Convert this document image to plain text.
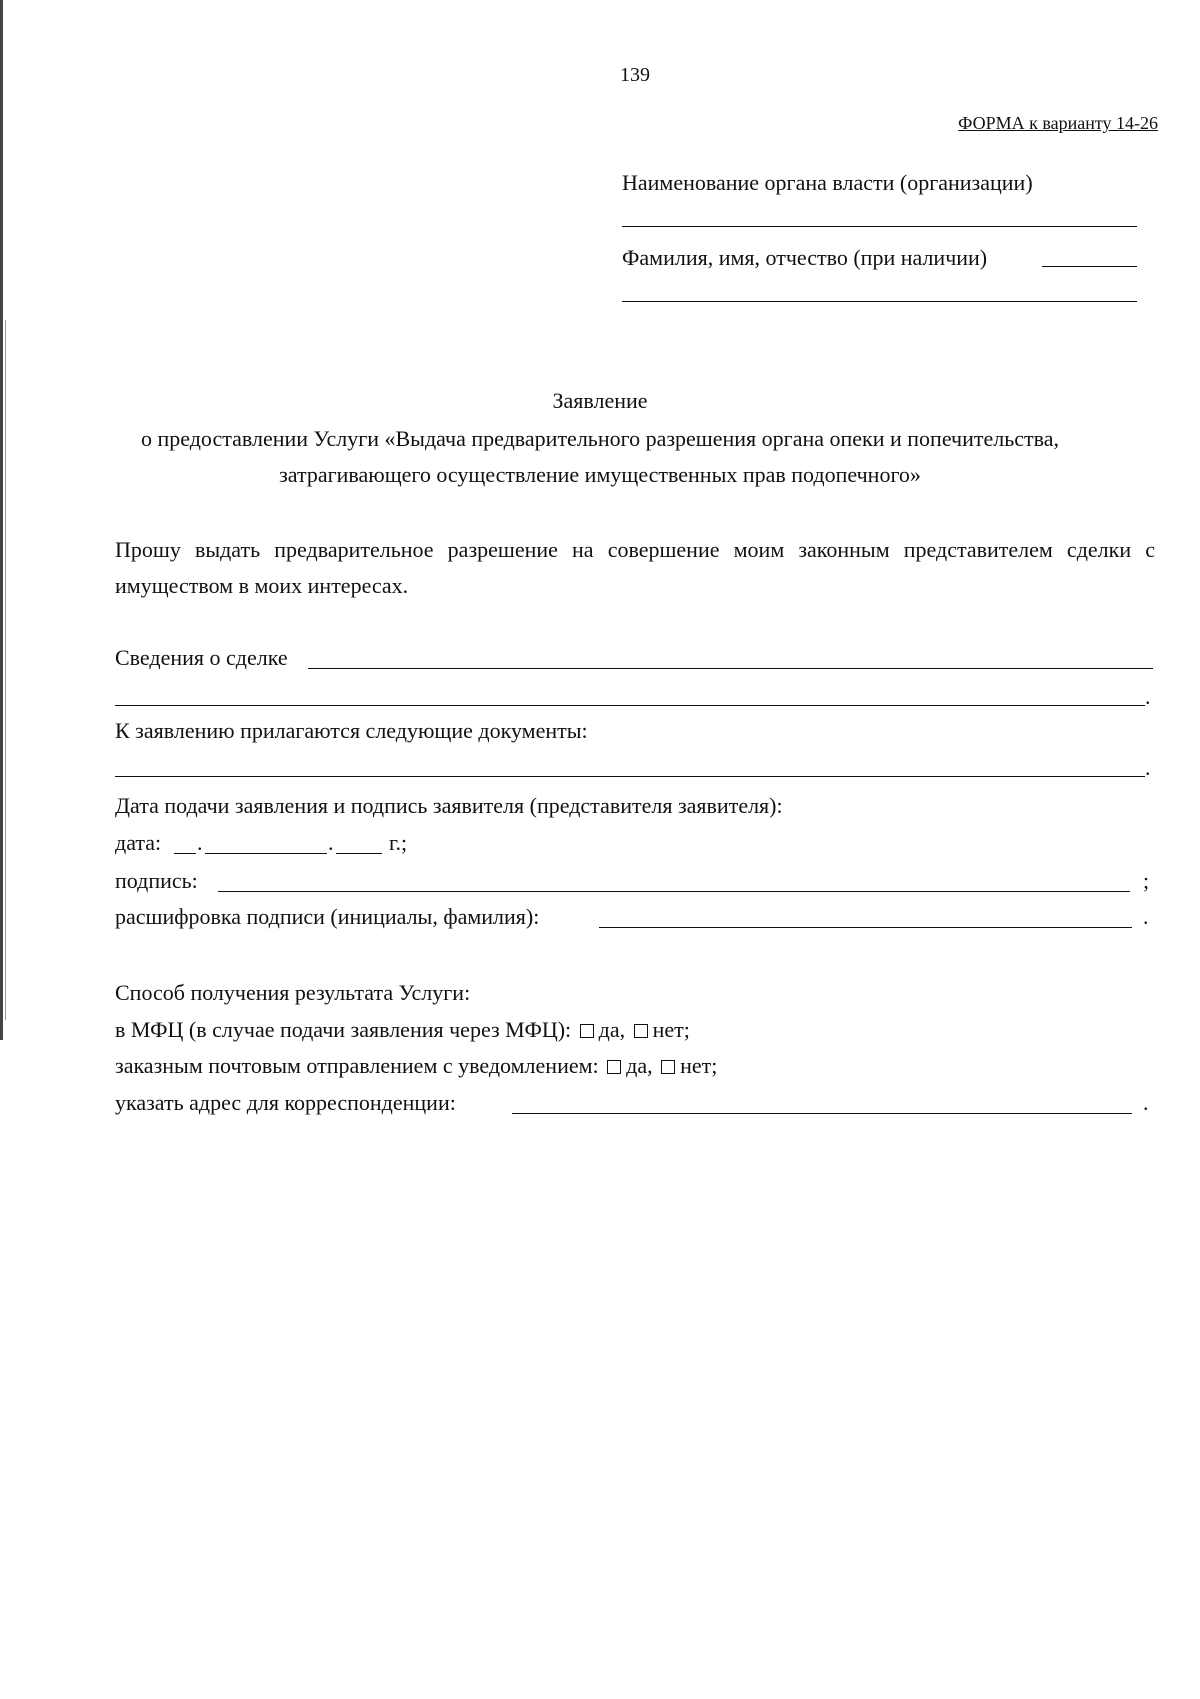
139
ФОРМА к варианту 14-26
Наименование органа власти (организации)
Фамилия, имя, отчество (при наличии)
Заявление
о предоставлении Услуги «Выдача предварительного разрешения органа опеки и попечительства,
затрагивающего осуществление имущественных прав подопечного»
Прошу выдать предварительное разрешение на совершение моим законным представителем сделки с имуществом в моих интересах.
Сведения о сделке
.
К заявлению прилагаются следующие документы:
.
Дата подачи заявления и подпись заявителя (представителя заявителя):
дата: .	.	г.;
подпись:	;
расшифровка подписи (инициалы, фамилия):	.
Способ получения результата Услуги:
в МФЦ (в случае подачи заявления через МФЦ): да, нет;
заказным почтовым отправлением с уведомлением: да, нет;
указать адрес для корреспонденции:	.
